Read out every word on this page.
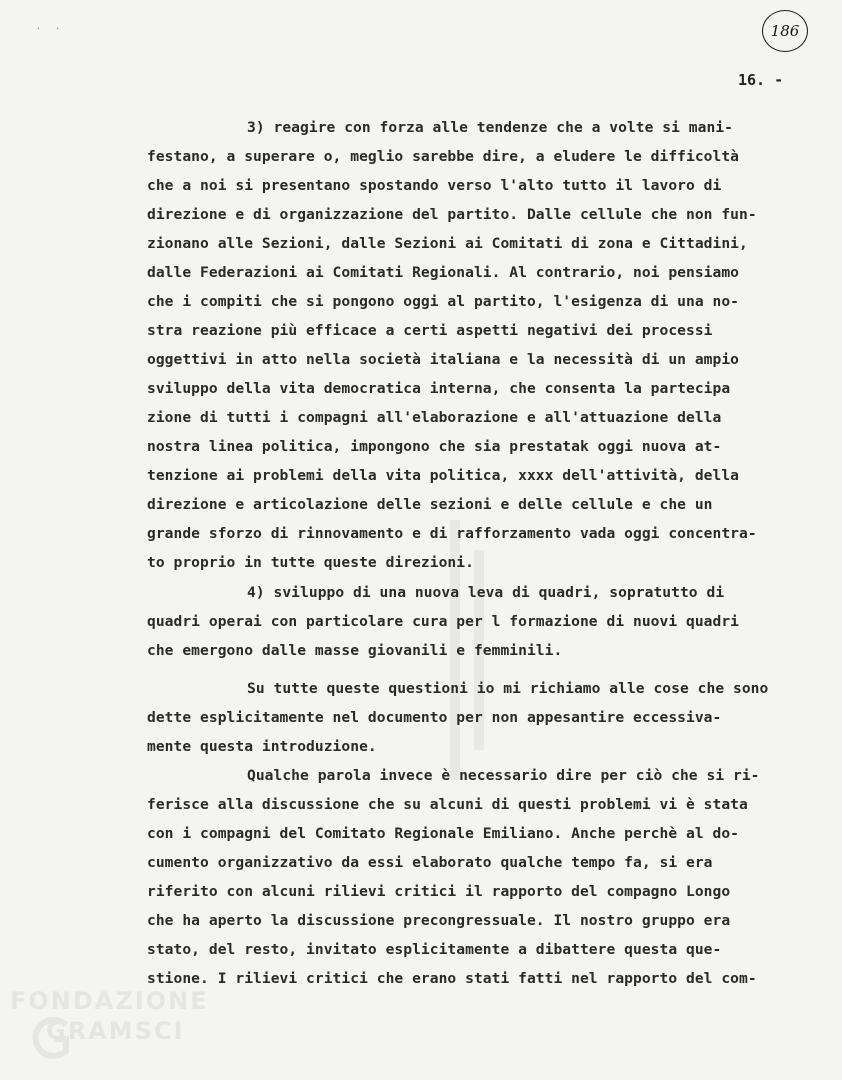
·   ·	186
16. -
3) reagire con forza alle tendenze che a volte si mani-
festano, a superare o, meglio sarebbe dire, a eludere le difficoltà
che a noi si presentano spostando verso l'alto tutto il lavoro di
direzione e di organizzazione del partito. Dalle cellule che non fun-
zionano alle Sezioni, dalle Sezioni ai Comitati di zona e Cittadini,
dalle Federazioni ai Comitati Regionali. Al contrario, noi pensiamo
che i compiti che si pongono oggi al partito, l'esigenza di una no-
stra reazione più efficace a certi aspetti negativi dei processi
oggettivi in atto nella società italiana e la necessità di un ampio
sviluppo della vita democratica interna, che consenta la partecipa
zione di tutti i compagni all'elaborazione e all'attuazione della
nostra linea politica, impongono che sia prestatak oggi nuova at-
tenzione ai problemi della vita politica, xxxx dell'attività, della
direzione e articolazione delle sezioni e delle cellule e che un
grande sforzo di rinnovamento e di rafforzamento vada oggi concentra-
to proprio in tutte queste direzioni.
4) sviluppo di una nuova leva di quadri, sopratutto di
quadri operai con particolare cura per l formazione di nuovi quadri
che emergono dalle masse giovanili e femminili.
Su tutte queste questioni io mi richiamo alle cose che sono
dette esplicitamente nel documento per non appesantire eccessiva-
mente questa introduzione.
Qualche parola invece è necessario dire per ciò che si ri-
ferisce alla discussione che su alcuni di questi problemi vi è stata
con i compagni del Comitato Regionale Emiliano. Anche perchè al do-
cumento organizzativo da essi elaborato qualche tempo fa, si era
riferito con alcuni rilievi critici il rapporto del compagno Longo
che ha aperto la discussione precongressuale. Il nostro gruppo era
stato, del resto, invitato esplicitamente a dibattere questa que-
stione. I rilievi critici che erano stati fatti nel rapporto del com-
FONDAZIONE
GRAMSCI
